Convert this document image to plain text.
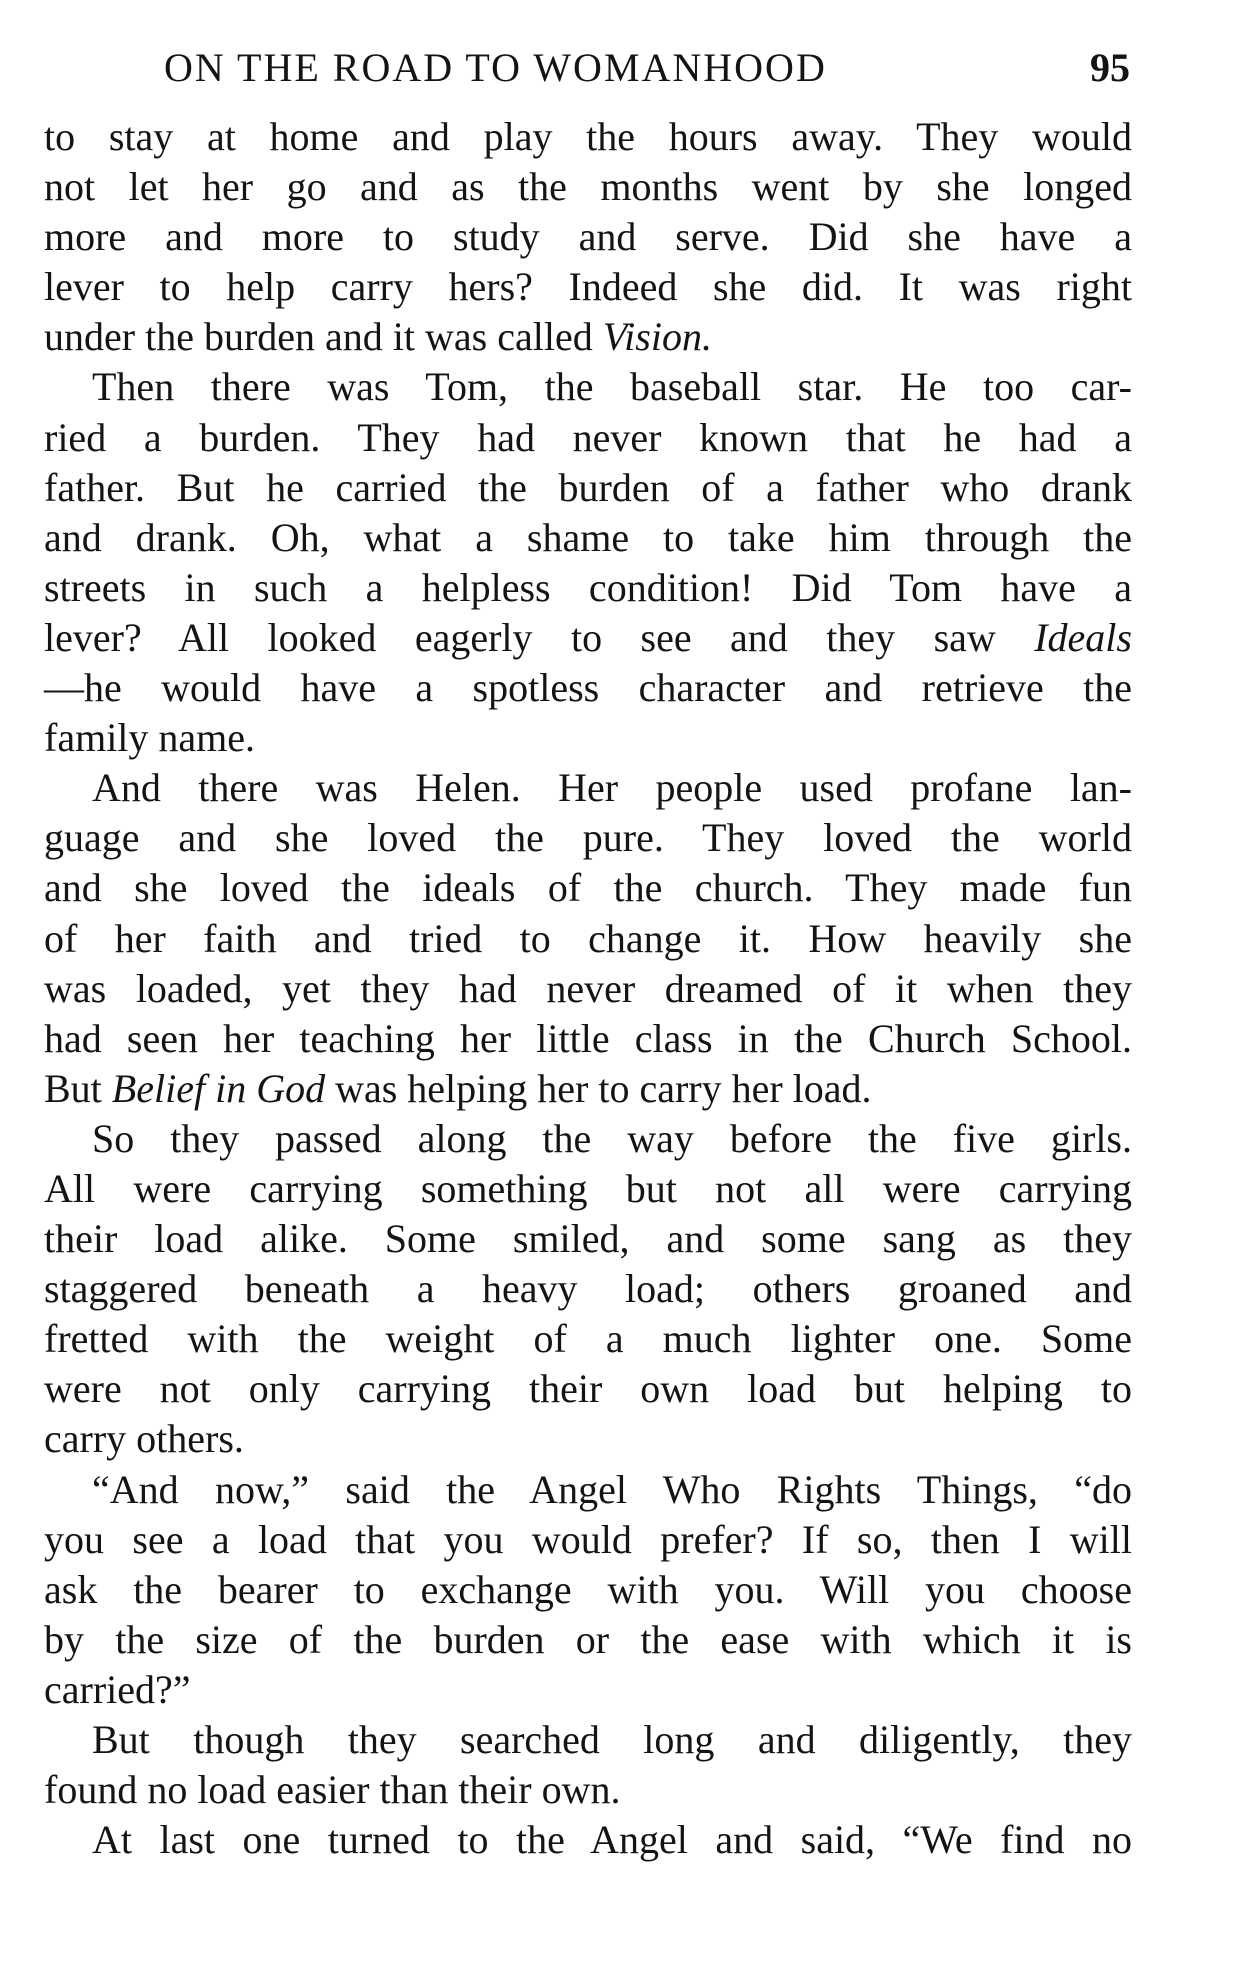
ON THE ROAD TO WOMANHOOD	95
to stay at home and play the hours away. They would
not let her go and as the months went by she longed
more and more to study and serve. Did she have a
lever to help carry hers? Indeed she did. It was right
under the burden and it was called Vision.
Then there was Tom, the baseball star. He too car-
ried a burden. They had never known that he had a
father. But he carried the burden of a father who drank
and drank. Oh, what a shame to take him through the
streets in such a helpless condition! Did Tom have a
lever? All looked eagerly to see and they saw Ideals
—he would have a spotless character and retrieve the
family name.
And there was Helen. Her people used profane lan-
guage and she loved the pure. They loved the world
and she loved the ideals of the church. They made fun
of her faith and tried to change it. How heavily she
was loaded, yet they had never dreamed of it when they
had seen her teaching her little class in the Church School.
But Belief in God was helping her to carry her load.
So they passed along the way before the five girls.
All were carrying something but not all were carrying
their load alike. Some smiled, and some sang as they
staggered beneath a heavy load; others groaned and
fretted with the weight of a much lighter one. Some
were not only carrying their own load but helping to
carry others.
“And now,” said the Angel Who Rights Things, “do
you see a load that you would prefer? If so, then I will
ask the bearer to exchange with you. Will you choose
by the size of the burden or the ease with which it is
carried?”
But though they searched long and diligently, they
found no load easier than their own.
At last one turned to the Angel and said, “We find no
